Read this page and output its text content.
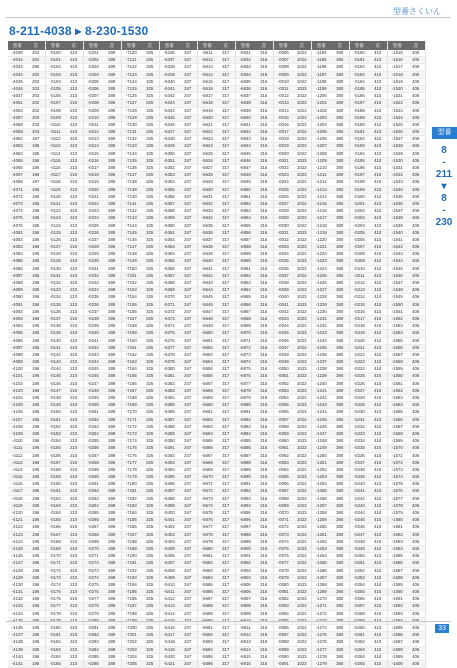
型番さくいん
8-211-4038 ▸ 8-230-1530
型番	頁
-4038	203
-4042	202
-4043	289
-4044	202
-4045	203
-4046	202
-4047	203
-4051	202
-4054	202
-4057	203
-4058	202
-4059	203
-4062	197
-4063	196
-4064	196
-4065	196
-4066	196
-4067	196
-4068	197
-4071	196
-4072	196
-4073	196
-4074	196
-4075	196
-4076	196
-4081	196
-4082	196
-4083	196
-4084	196
-4085	196
-4086	196
-4087	196
-4088	196
-4089	196
-4090	196
-4091	196
-4092	196
-4093	196
-4094	196
-4095	196
-4096	196
-4097	196
-4098	196
-4099	196
-4100	196
-4101	196
-4102	196
-4103	196
-4104	196
-4105	196
-4106	196
-4107	196
-4108	196
-4109	196
-4110	196
-4111	196
-4112	196
-4113	196
-4114	196
-4115	196
-4116	196
-4117	196
-4118	196
-4119	196
-4120	196
-4121	196
-4122	196
-4123	196
-4124	196
-4125	196
-4126	196
-4127	196
-4128	196
-4129	196
-4130	196
-4131	196
-4132	196
-4133	196
-4134	196
-4136	196
-4137	196
-4138	196
-4139	196
-4140	196
-4141	196
型番	頁
-0100	210
-0101	210
-0102	210
-0103	210
-0104	210
-0105	210
-0106	210
-0107	210
-0108	210
-0109	210
-0110	210
-0111	210
-0112	210
-0113	210
-0114	210
-0115	210
-0116	210
-0117	210
-0118	210
-0119	210
-0120	210
-0121	210
-0122	210
-0123	210
-0124	210
-0125	210
-0126	210
-0127	210
-0128	210
-0129	210
-0130	210
-0131	210
-0132	210
-0133	210
-0134	210
-0135	210
-0136	210
-0137	210
-0138	210
-0139	210
-0140	210
-0141	210
-0142	210
-0143	210
-0144	210
-0145	210
-0146	210
-0147	210
-0148	210
-0149	210
-0150	210
-0151	210
-0152	210
-0153	210
-0154	210
-0155	210
-0156	210
-0157	210
-0158	210
-0159	210
-0160	210
-0161	210
-0162	210
-0163	210
-0164	210
-0165	210
-0166	210
-0167	210
-0168	210
-0169	210
-0170	210
-0171	210
-0172	210
-0173	210
-0174	210
-0175	210
-0176	210
-0177	210
-0178	210
-0180	210
-0181	210
-0182	210
-0183	210
-0184	210
-0185	210
型番	頁
-0201	289
-0202	289
-0203	289
-0204	289
-0205	289
-0206	289
-0207	289
-0208	289
-0209	289
-0210	289
-0211	289
-0212	289
-0213	289
-0214	289
-0215	289
-0216	289
-0217	289
-0218	289
-0219	289
-0220	289
-0221	289
-0222	289
-0223	289
-0224	289
-0225	289
-0226	289
-0227	289
-0228	289
-0229	289
-0230	289
-0231	289
-0232	289
-0233	289
-0234	289
-0235	289
-0236	289
-0237	289
-0238	289
-0239	289
-0240	289
-0241	289
-0242	289
-0243	289
-0244	289
-0245	289
-0246	289
-0247	289
-0248	289
-0249	289
-0250	289
-0251	289
-0252	289
-0253	289
-0254	289
-0255	289
-0256	289
-0257	289
-0258	289
-0259	289
-0260	289
-0261	289
-0262	289
-0263	289
-0264	289
-0265	289
-0266	289
-0267	289
-0268	289
-0269	289
-0270	289
-0271	289
-0272	289
-0273	289
-0274	289
-0275	289
-0276	289
-0277	289
-0278	289
-0279	289
-0281	289
-0282	289
-0283	289
-0284	289
-0285	289
-0286	289
型番	頁
-7120	325
-7121	325
-7122	325
-7123	325
-7124	325
-7125	325
-7126	325
-7127	325
-7128	325
-7129	325
-7130	325
-7131	325
-7132	325
-7133	325
-7134	325
-7135	325
-7136	325
-7137	325
-7138	325
-7139	325
-7140	325
-7141	325
-7142	325
-7143	325
-7144	325
-7145	325
-7146	325
-7147	325
-7148	325
-7149	325
-7150	325
-7151	325
-7152	325
-7153	325
-7154	325
-7155	325
-7156	325
-7157	325
-7158	325
-7159	325
-7160	325
-7161	325
-7162	325
-7163	325
-7164	325
-7165	325
-7166	325
-7167	325
-7168	325
-7169	325
-7170	325
-7171	325
-7172	325
-7173	325
-7174	325
-7175	325
-7176	325
-7177	325
-7178	325
-7179	325
-7180	325
-7181	325
-7182	325
-7183	325
-7184	325
-7185	325
-7186	325
-7187	325
-7188	325
-7189	325
-7190	325
-7191	325
-7192	325
-7193	325
-7194	325
-7195	325
-7196	325
-7197	325
-7198	325
-7200	325
-7201	325
-7202	325
-7203	325
-7204	325
-7205	325
型番	頁
-5336	347
-5337	347
-5338	347
-5339	347
-5340	347
-5341	347
-5342	347
-5343	347
-5344	347
-5345	347
-5346	347
-5347	347
-5348	347
-5349	347
-5350	347
-5351	347
-5352	347
-5353	347
-5354	347
-5355	347
-5356	347
-5357	347
-5358	347
-5359	347
-5360	347
-5361	347
-5362	347
-5363	347
-5364	347
-5365	347
-5366	347
-5367	347
-5368	347
-5369	347
-5370	347
-5371	347
-5372	347
-5373	347
-5374	347
-5375	347
-5376	347
-5377	347
-5378	347
-5379	347
-5380	347
-5381	347
-5382	347
-5383	347
-5384	347
-5385	347
-5386	347
-5387	347
-5388	347
-5389	347
-5390	347
-5391	347
-5392	347
-5393	347
-5394	347
-5395	347
-5396	347
-5397	347
-5398	347
-5399	347
-5400	347
-5401	347
-5402	347
-5403	347
-5404	347
-5405	347
-5406	347
-5407	347
-5408	347
-5409	347
-5410	347
-5411	347
-5412	347
-5413	347
-5414	347
-5416	347
-5417	347
-5418	347
-5419	347
-5420	347
-5421	347
型番	頁
-5611	317
-5612	317
-5613	317
-5614	317
-5615	317
-5616	317
-5617	317
-5618	317
-5619	317
-5620	317
-5621	317
-5622	317
-5623	317
-5624	317
-5625	317
-5626	317
-5627	317
-5628	317
-5629	317
-5630	317
-5631	317
-5632	317
-5633	317
-5634	317
-5635	317
-5636	317
-5637	317
-5638	317
-5639	317
-5640	317
-5641	317
-5642	317
-5643	317
-5644	317
-5645	317
-5646	317
-5647	317
-5648	317
-5649	317
-5650	317
-5651	317
-5652	317
-5653	317
-5654	317
-5655	317
-5656	317
-5657	317
-5658	317
-5659	317
-5660	317
-5661	317
-5662	317
-5663	317
-5664	317
-5665	317
-5666	317
-5667	317
-5668	317
-5669	317
-5670	317
-5671	317
-5672	317
-5673	317
-5674	317
-5675	317
-5676	317
-5677	317
-5678	317
-5679	317
-5680	317
-5681	317
-5682	317
-5683	317
-5684	317
-5685	317
-5686	317
-5687	317
-5688	317
-5689	317
-5691	317
-5692	317
-5693	317
-5694	317
-5695	317
-5696	317
型番	頁
-6831	316
-6832	316
-6833	316
-6834	316
-6835	316
-6836	316
-6837	316
-6838	316
-6839	316
-6840	316
-6841	316
-6842	316
-6843	316
-6844	316
-6845	316
-6846	316
-6847	316
-6848	316
-6849	316
-6850	316
-6851	316
-6852	316
-6853	316
-6854	316
-6855	316
-6856	316
-6857	316
-6858	316
-6859	316
-6860	316
-6861	316
-6862	316
-6863	316
-6864	316
-6865	316
-6866	316
-6867	316
-6868	316
-6869	316
-6870	316
-6871	316
-6872	316
-6873	316
-6874	316
-6875	316
-6876	316
-6877	316
-6878	316
-6879	316
-6880	316
-6881	316
-6882	316
-6883	316
-6884	316
-6885	316
-6886	316
-6887	316
-6888	316
-6889	316
-6890	316
-6891	316
-6892	316
-6893	316
-6894	316
-6895	316
-6896	316
-6897	316
-6898	316
-6899	316
-6900	316
-6901	316
-6902	316
-6903	316
-6904	316
-6905	316
-6906	316
-6907	316
-6908	316
-6909	316
-6911	316
-6912	316
-6913	316
-6914	316
-6915	316
-6916	316
型番	頁
-0006	1023
-0007	1023
-0008	1023
-0009	1023
-0010	1023
-0011	1023
-0012	1023
-0013	1023
-0014	1023
-0015	1023
-0016	1023
-0017	1023
-0018	1023
-0019	1023
-0020	1023
-0021	1023
-0022	1023
-0023	1023
-0024	1023
-0025	1023
-0026	1023
-0027	1023
-0028	1023
-0029	1023
-0030	1023
-0031	1023
-0032	1023
-0033	1023
-0034	1023
-0035	1023
-0036	1023
-0037	1023
-0038	1023
-0039	1023
-0040	1023
-0041	1023
-0042	1023
-0043	1023
-0044	1023
-0045	1023
-0046	1023
-0047	1023
-0048	1023
-0049	1023
-0050	1023
-0051	1023
-0052	1023
-0053	1023
-0054	1023
-0055	1023
-0056	1023
-0057	1023
-0058	1023
-0059	1023
-0060	1023
-0061	1023
-0062	1023
-0063	1023
-0064	1023
-0065	1023
-0066	1023
-0067	1023
-0068	1023
-0069	1023
-0070	1023
-0071	1023
-0072	1023
-0073	1023
-0074	1023
-0075	1023
-0076	1023
-0077	1023
-0078	1023
-0079	1023
-0080	1023
-0081	1023
-0082	1023
-0083	1023
-0084	1023
-0086	1023
-0087	1023
-0088	1023
-0089	1023
-0090	1023
-0091	1023
型番	頁
-1194	380
-1195	380
-1196	380
-1197	380
-1198	380
-1199	380
-1200	380
-1201	380
-1202	380
-1203	380
-1204	380
-1205	380
-1206	380
-1207	380
-1208	380
-1209	380
-1210	380
-1211	380
-1212	380
-1213	380
-1214	380
-1215	380
-1216	380
-1217	380
-1218	380
-1219	380
-1220	380
-1221	380
-1222	380
-1223	380
-1224	380
-1225	380
-1226	380
-1227	380
-1228	380
-1229	380
-1230	380
-1231	380
-1232	380
-1233	380
-1234	380
-1235	380
-1236	380
-1237	380
-1238	380
-1239	380
-1240	380
-1241	380
-1242	380
-1243	380
-1244	380
-1245	380
-1246	380
-1247	380
-1248	380
-1249	380
-1250	380
-1251	380
-1252	380
-1253	380
-1254	380
-1255	380
-1256	380
-1257	380
-1258	380
-1259	380
-1260	380
-1261	380
-1262	380
-1263	380
-1264	380
-1265	380
-1266	380
-1267	380
-1268	380
-1269	380
-1270	380
-1271	380
-1272	380
-1274	380
-1275	380
-1276	380
-1277	380
-1278	380
-1279	380
型番	頁
-0180	410
-0181	410
-0182	410
-0183	410
-0184	410
-0185	410
-0186	410
-0187	410
-0188	410
-0189	410
-0190	410
-0191	410
-0192	410
-0193	410
-0194	410
-0195	410
-0196	410
-0197	410
-0198	410
-0199	410
-0200	410
-0201	410
-0202	410
-0203	410
-0204	410
-0205	410
-0206	410
-0207	410
-0208	410
-0209	410
-0210	410
-0211	410
-0212	410
-0213	410
-0214	410
-0215	410
-0216	410
-0217	410
-0218	410
-0219	410
-0220	410
-0221	410
-0222	410
-0223	410
-0224	410
-0225	410
-0226	410
-0227	410
-0228	410
-0229	410
-0230	410
-0231	410
-0232	410
-0233	410
-0234	410
-0235	410
-0236	410
-0237	410
-0238	410
-0239	410
-0240	410
-0241	410
-0242	410
-0243	410
-0244	410
-0245	410
-0246	410
-0247	410
-0248	410
-0249	410
-0250	410
-0251	410
-0252	410
-0253	410
-0254	410
-0255	410
-0256	410
-0257	410
-0258	410
-0260	410
-0261	410
-0262	410
-0263	410
-0264	410
-0265	410
型番	頁
-1515	406
-1516	406
-1517	406
-1518	406
-1519	406
-1520	406
-1521	406
-1522	406
-1523	406
-1524	406
-1525	406
-1526	406
-1527	406
-1528	406
-1529	406
-1530	406
-1531	406
-1532	406
-1533	406
-1534	406
-1535	406
-1536	406
-1537	406
-1538	406
-1539	406
-1540	406
-1541	406
-1542	406
-1543	406
-1544	406
-1545	406
-1546	406
-1547	406
-1548	406
-1549	406
-1550	406
-1551	406
-1552	406
-1553	406
-1554	406
-1555	406
-1556	406
-1557	406
-1558	406
-1559	406
-1560	406
-1561	406
-1562	406
-1563	406
-1564	406
-1565	406
-1566	406
-1567	406
-1568	406
-1569	406
-1570	406
-1571	406
-1572	406
-1573	406
-1574	406
-1575	406
-1576	406
-1577	406
-1578	406
-1579	406
-1580	406
-1581	406
-1582	406
-1583	406
-1584	406
-1585	406
-1586	406
-1587	406
-1588	406
-1589	406
-1590	406
-1591	406
-1592	406
-1593	406
-1595	406
-1596	406
-1597	406
-1598	406
-1599	406
-1600	406
型番
8
-
211
▾
8
-
230
33
